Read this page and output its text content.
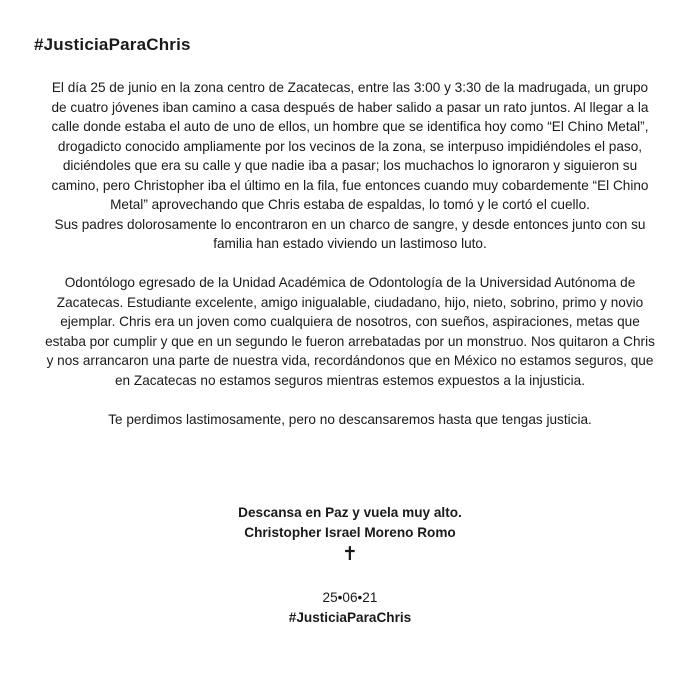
#JusticiaParaChris

El día 25 de junio en la zona centro de Zacatecas, entre las 3:00 y 3:30 de la madrugada, un grupo de cuatro jóvenes iban camino a casa después de haber salido a pasar un rato juntos. Al llegar a la calle donde estaba el auto de uno de ellos, un hombre que se identifica hoy como “El Chino Metal”, drogadicto conocido ampliamente por los vecinos de la zona, se interpuso impidiéndoles el paso, diciéndoles que era su calle y que nadie iba a pasar; los muchachos lo ignoraron y siguieron su camino, pero Christopher iba el último en la fila, fue entonces cuando muy cobardemente “El Chino Metal” aprovechando que Chris estaba de espaldas, lo tomó y le cortó el cuello.

Sus padres dolorosamente lo encontraron en un charco de sangre, y desde entonces junto con su familia han estado viviendo un lastimoso luto.

Odontólogo egresado de la Unidad Académica de Odontología de la Universidad Autónoma de Zacatecas. Estudiante excelente, amigo inigualable, ciudadano, hijo, nieto, sobrino, primo y novio ejemplar. Chris era un joven como cualquiera de nosotros, con sueños, aspiraciones, metas que estaba por cumplir y que en un segundo le fueron arrebatadas por un monstruo. Nos quitaron a Chris y nos arrancaron una parte de nuestra vida, recordándonos que en México no estamos seguros, que en Zacatecas no estamos seguros mientras estemos expuestos a la injusticia.

Te perdimos lastimosamente, pero no descansaremos hasta que tengas justicia.

Descansa en Paz y vuela muy alto.
Christopher Israel Moreno Romo
✝
25•06•21
#JusticiaParaChris
